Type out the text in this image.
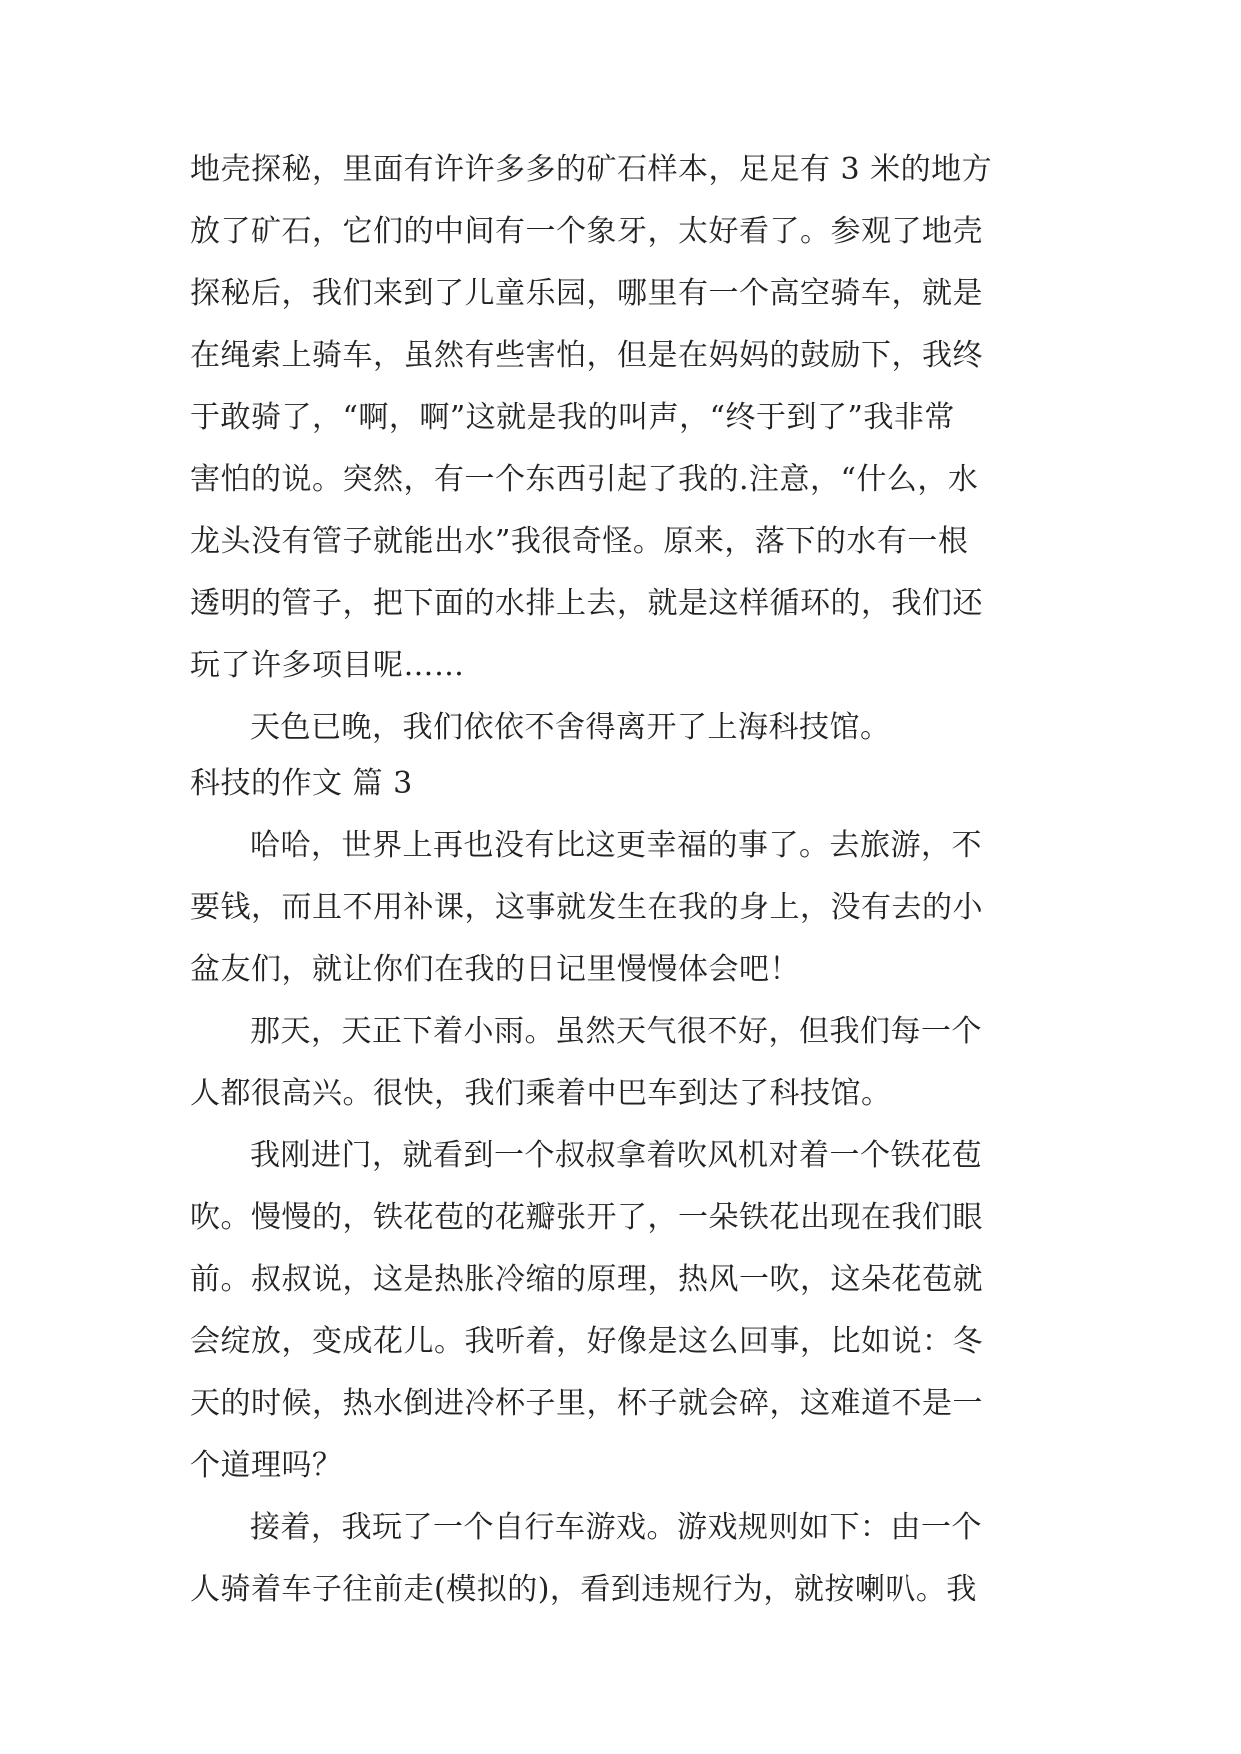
地壳探秘，里面有许许多多的矿石样本，足足有 3 米的地方
放了矿石，它们的中间有一个象牙，太好看了。参观了地壳
探秘后，我们来到了儿童乐园，哪里有一个高空骑车，就是
在绳索上骑车，虽然有些害怕，但是在妈妈的鼓励下，我终
于敢骑了，“啊，啊”这就是我的叫声，“终于到了”我非常
害怕的说。突然，有一个东西引起了我的.注意，“什么，水
龙头没有管子就能出水”我很奇怪。原来，落下的水有一根
透明的管子，把下面的水排上去，就是这样循环的，我们还
玩了许多项目呢……
天色已晚，我们依依不舍得离开了上海科技馆。
科技的作文 篇 3
哈哈，世界上再也没有比这更幸福的事了。去旅游，不
要钱，而且不用补课，这事就发生在我的身上，没有去的小
盆友们，就让你们在我的日记里慢慢体会吧！
那天，天正下着小雨。虽然天气很不好，但我们每一个
人都很高兴。很快，我们乘着中巴车到达了科技馆。
我刚进门，就看到一个叔叔拿着吹风机对着一个铁花苞
吹。慢慢的，铁花苞的花瓣张开了，一朵铁花出现在我们眼
前。叔叔说，这是热胀冷缩的原理，热风一吹，这朵花苞就
会绽放，变成花儿。我听着，好像是这么回事，比如说：冬
天的时候，热水倒进冷杯子里，杯子就会碎，这难道不是一
个道理吗？
接着，我玩了一个自行车游戏。游戏规则如下：由一个
人骑着车子往前走(模拟的)，看到违规行为，就按喇叭。我
